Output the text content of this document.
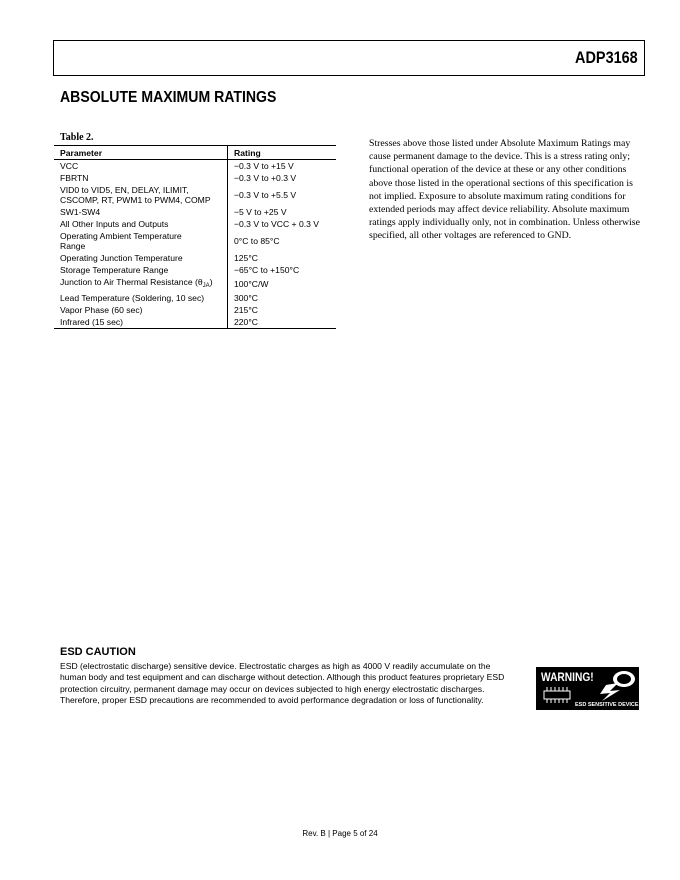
ADP3168
ABSOLUTE MAXIMUM RATINGS
Table 2.
Parameter	Rating
VCC	−0.3 V to +15 V
FBRTN	−0.3 V to +0.3 V
VID0 to VID5, EN, DELAY, ILIMIT,
CSCOMP, RT, PWM1 to PWM4, COMP	−0.3 V to +5.5 V
SW1-SW4	−5 V to +25 V
All Other Inputs and Outputs	−0.3 V to VCC + 0.3 V
Operating Ambient Temperature
Range	0°C to 85°C
Operating Junction Temperature	125°C
Storage Temperature Range	−65°C to +150°C
Junction to Air Thermal Resistance $(\theta_{JA})$	100°C/W
Lead Temperature (Soldering, 10 sec)	300°C
Vapor Phase (60 sec)	215°C
Infrared (15 sec)	220°C
Stresses above those listed under Absolute Maximum Ratings may cause permanent damage to the device. This is a stress rating only; functional operation of the device at these or any other conditions above those listed in the operational sections of this specification is not implied. Exposure to absolute maximum rating conditions for extended periods may affect device reliability. Absolute maximum ratings apply individually only, not in combination. Unless otherwise specified, all other voltages are referenced to GND.
ESD CAUTION
ESD (electrostatic discharge) sensitive device. Electrostatic charges as high as 4000 V readily accumulate on the human body and test equipment and can discharge without detection. Although this product features proprietary ESD protection circuitry, permanent damage may occur on devices subjected to high energy electrostatic discharges. Therefore, proper ESD precautions are recommended to avoid performance degradation or loss of functionality.
WARNING!
ESD SENSITIVE DEVICE
Rev. B | Page 5 of 24
